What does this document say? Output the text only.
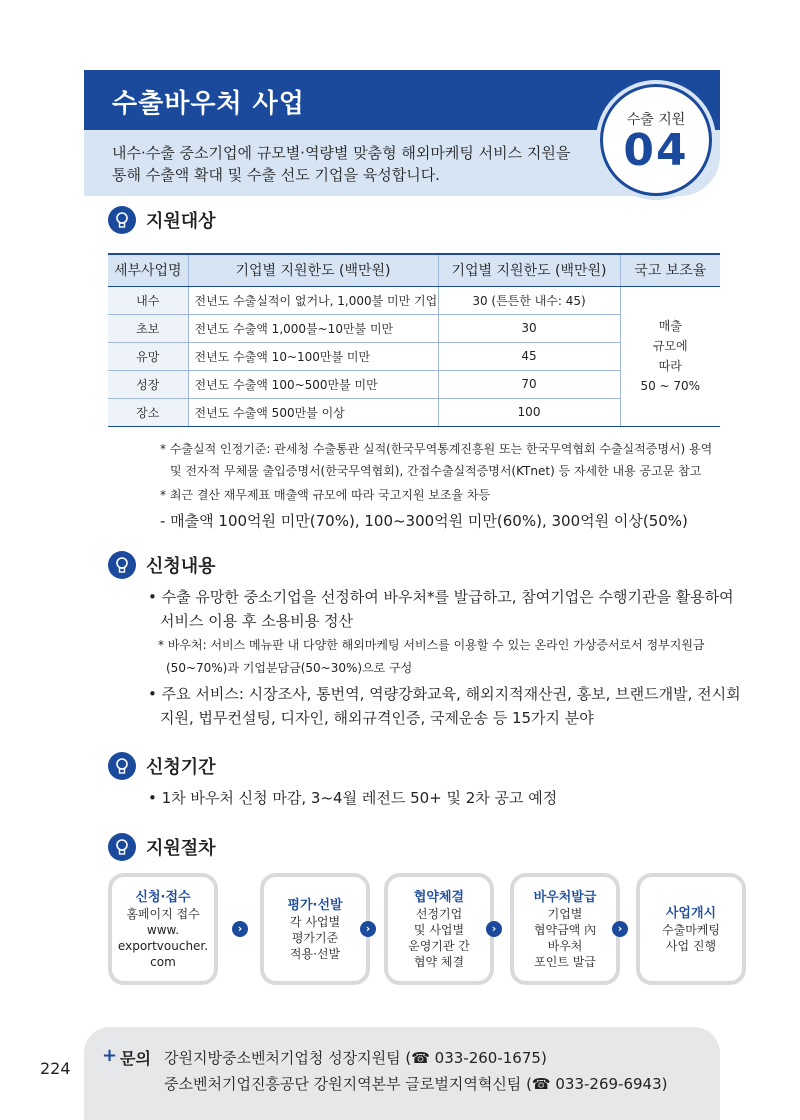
수출바우처 사업
내수·수출 중소기업에 규모별·역량별 맞춤형 해외마케팅 서비스 지원을
통해 수출액 확대 및 수출 선도 기업을 육성합니다.
수출 지원
04
지원대상
세부사업명	기업별 지원한도 (백만원)	기업별 지원한도 (백만원)	국고 보조율
내수	전년도 수출실적이 없거나, 1,000불 미만 기업	30 (튼튼한 내수: 45)	매출
규모에
따라
50 ~ 70%

초보	전년도 수출액 1,000불~10만불 미만	30	
유망	전년도 수출액 10~100만불 미만	45	
성장	전년도 수출액 100~500만불 미만	70	
장소	전년도 수출액 500만불 이상	100	
* 수출실적 인정기준: 관세청 수출통관 실적(한국무역통계진흥원 또는 한국무역협회 수출실적증명서) 용역
및 전자적 무체물 출입증명서(한국무역협회), 간접수출실적증명서(KTnet) 등 자세한 내용 공고문 참고
* 최근 결산 재무제표 매출액 규모에 따라 국고지원 보조율 차등
- 매출액 100억원 미만(70%), 100~300억원 미만(60%), 300억원 이상(50%)
신청내용
• 수출 유망한 중소기업을 선정하여 바우처*를 발급하고, 참여기업은 수행기관을 활용하여
서비스 이용 후 소용비용 정산
* 바우처: 서비스 메뉴판 내 다양한 해외마케팅 서비스를 이용할 수 있는 온라인 가상증서로서 정부지원금
(50~70%)과 기업분담금(50~30%)으로 구성
• 주요 서비스: 시장조사, 통번역, 역량강화교육, 해외지적재산권, 홍보, 브랜드개발, 전시회
지원, 법무컨설팅, 디자인, 해외규격인증, 국제운송 등 15가지 분야
신청기간
• 1차 바우처 신청 마감, 3~4월 레전드 50+ 및 2차 공고 예정
지원절차
신청·접수
홈페이지 접수
www.
exportvoucher.
com
›
평가·선발
각 사업별
평가기준
적용·선발
›
협약체결
선정기업
및 사업별
운영기관 간
협약 체결
›
바우처발급
기업별
협약금액 內
바우처
포인트 발급
›
사업개시
수출마케팅
사업 진행
+ 문의 강원지방중소벤처기업청 성장지원팀 (☎ 033-260-1675)
중소벤처기업진흥공단 강원지역본부 글로벌지역혁신팀 (☎ 033-269-6943)
224
